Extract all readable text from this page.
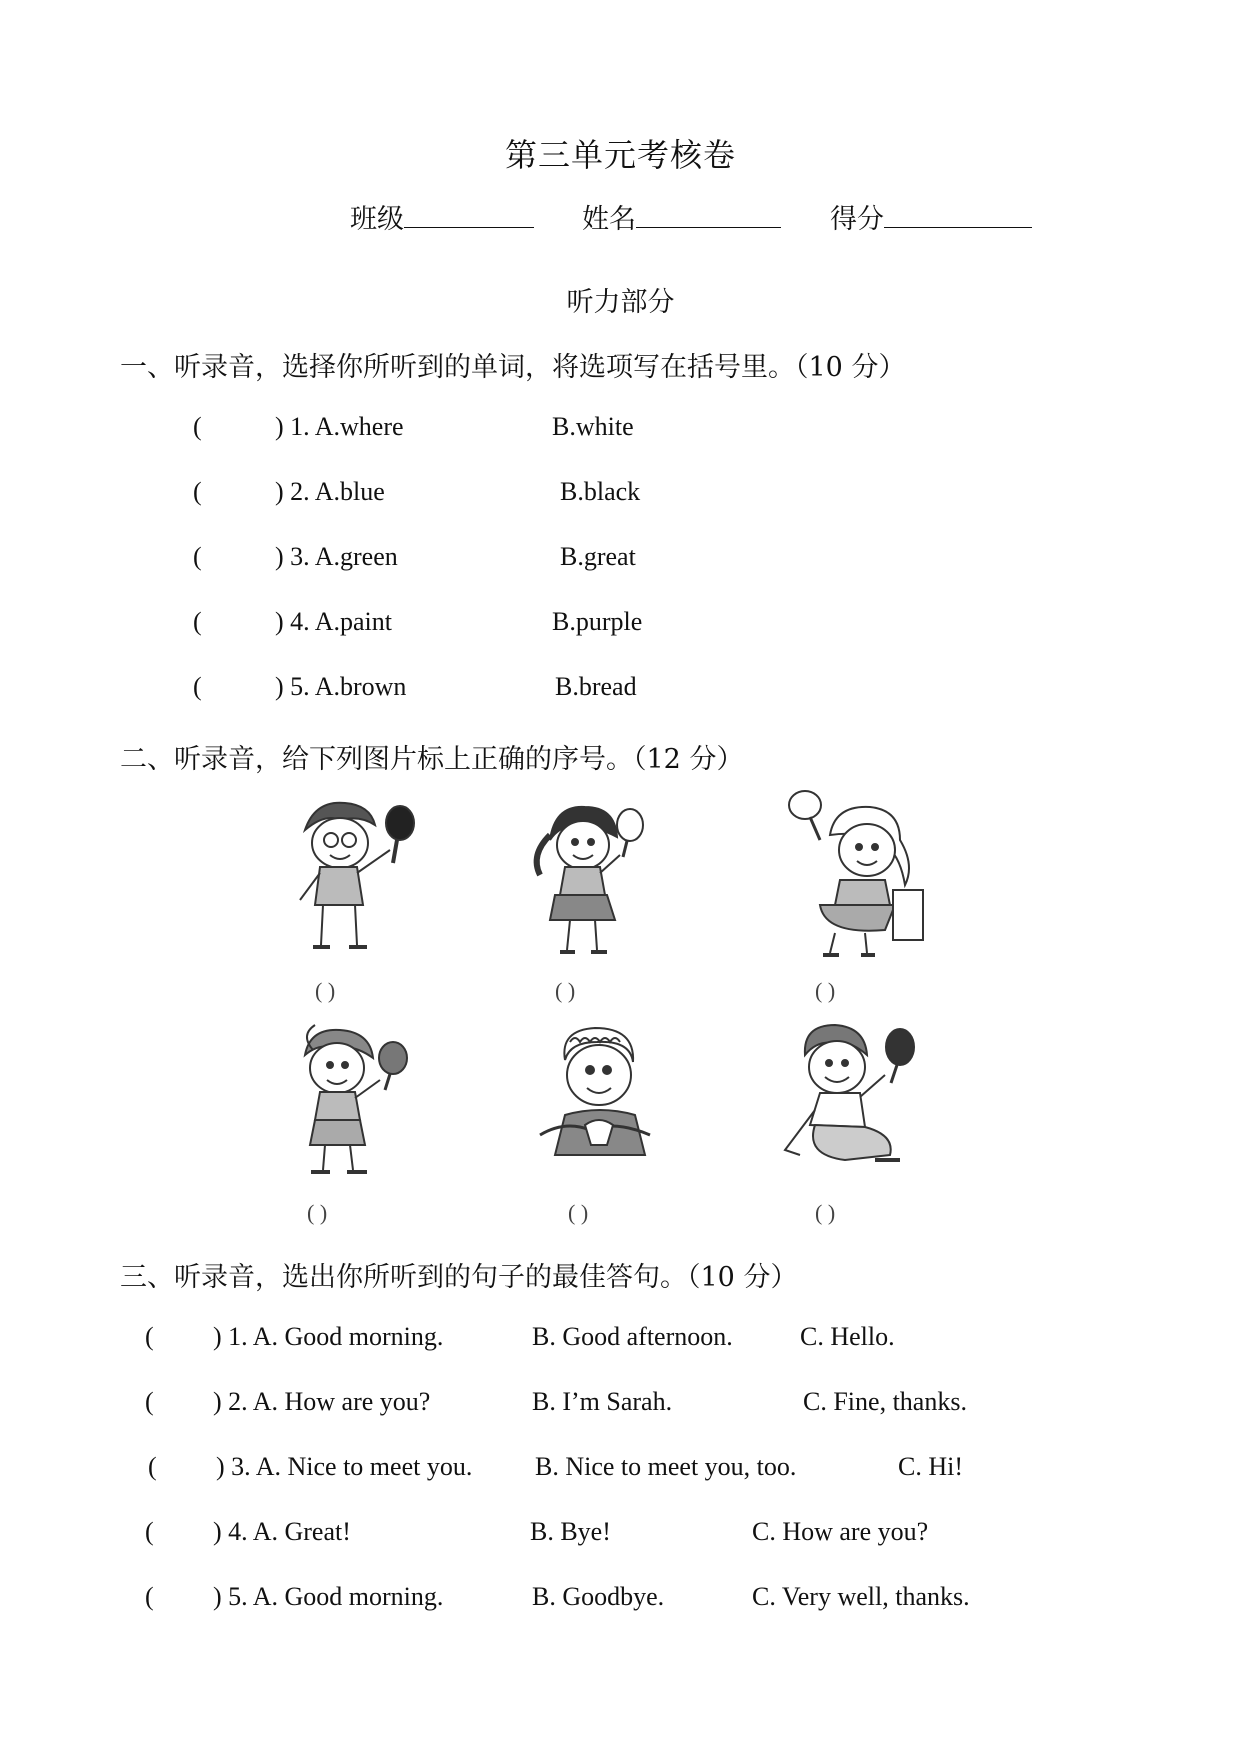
第三单元考核卷
班级	姓名	得分
听力部分
一、听录音，选择你所听到的单词，将选项写在括号里。（10 分）
(	) 1. A.where	B.white
(	) 2. A.blue	B.black
(	) 3. A.green	B.great
(	) 4. A.paint	B.purple
(	) 5. A.brown	B.bread
二、听录音，给下列图片标上正确的序号。（12 分）
( )	( )	( )
( )	( )	( )
三、听录音，选出你所听到的句子的最佳答句。（10 分）
( ) 1. A. Good morning.	B. Good afternoon.	C. Hello.
( ) 2. A. How are you?	B. I’m Sarah.	C. Fine, thanks.
( ) 3. A. Nice to meet you. B. Nice to meet you, too.	C. Hi!
( ) 4. A. Great!	B. Bye!	C. How are you?
( ) 5. A. Good morning.	B. Goodbye.	C. Very well, thanks.
